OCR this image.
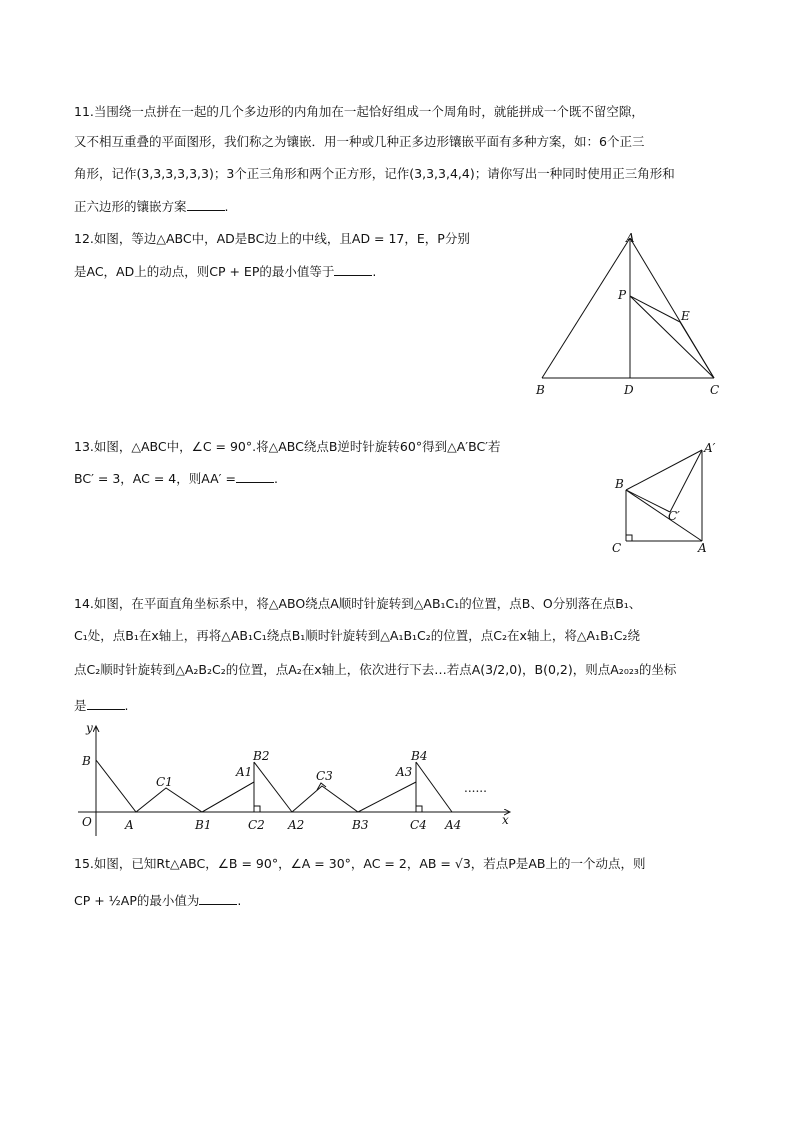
11.当围绕一点拼在一起的几个多边形的内角加在一起恰好组成一个周角时，就能拼成一个既不留空隙，
又不相互重叠的平面图形，我们称之为镶嵌．用一种或几种正多边形镶嵌平面有多种方案，如：6个正三
角形，记作(3,3,3,3,3,3)；3个正三角形和两个正方形，记作(3,3,3,4,4)；请你写出一种同时使用正三角形和
正六边形的镶嵌方案	.
12.如图，等边△ABC中，AD是BC边上的中线，且AD = 17，E，P分别
是AC，AD上的动点，则CP + EP的最小值等于	.
A
B	C
D
E
P
13.如图，△ABC中，∠C = 90°.将△ABC绕点B逆时针旋转60°得到△A′BC′若
BC′ = 3，AC = 4，则AA′ =	.	B
C	A
A′
C′
14.如图，在平面直角坐标系中，将△ABO绕点A顺时针旋转到△AB₁C₁的位置，点B、O分别落在点B₁、
C₁处，点B₁在x轴上，再将△AB₁C₁绕点B₁顺时针旋转到△A₁B₁C₂的位置，点C₂在x轴上，将△A₁B₁C₂绕
点C₂顺时针旋转到△A₂B₂C₂的位置，点A₂在x轴上，依次进行下去…若点A(3/2,0)，B(0,2)，则点A₂₀₂₃的坐标
是	.
y
x
O
B
A
C1
B1
A1
B2
C2 A2
C3
B3
A3
B4
C4 A4
......
15.如图，已知Rt△ABC，∠B = 90°，∠A = 30°，AC = 2，AB = √3，若点P是AB上的一个动点，则
CP + ½AP的最小值为	.
